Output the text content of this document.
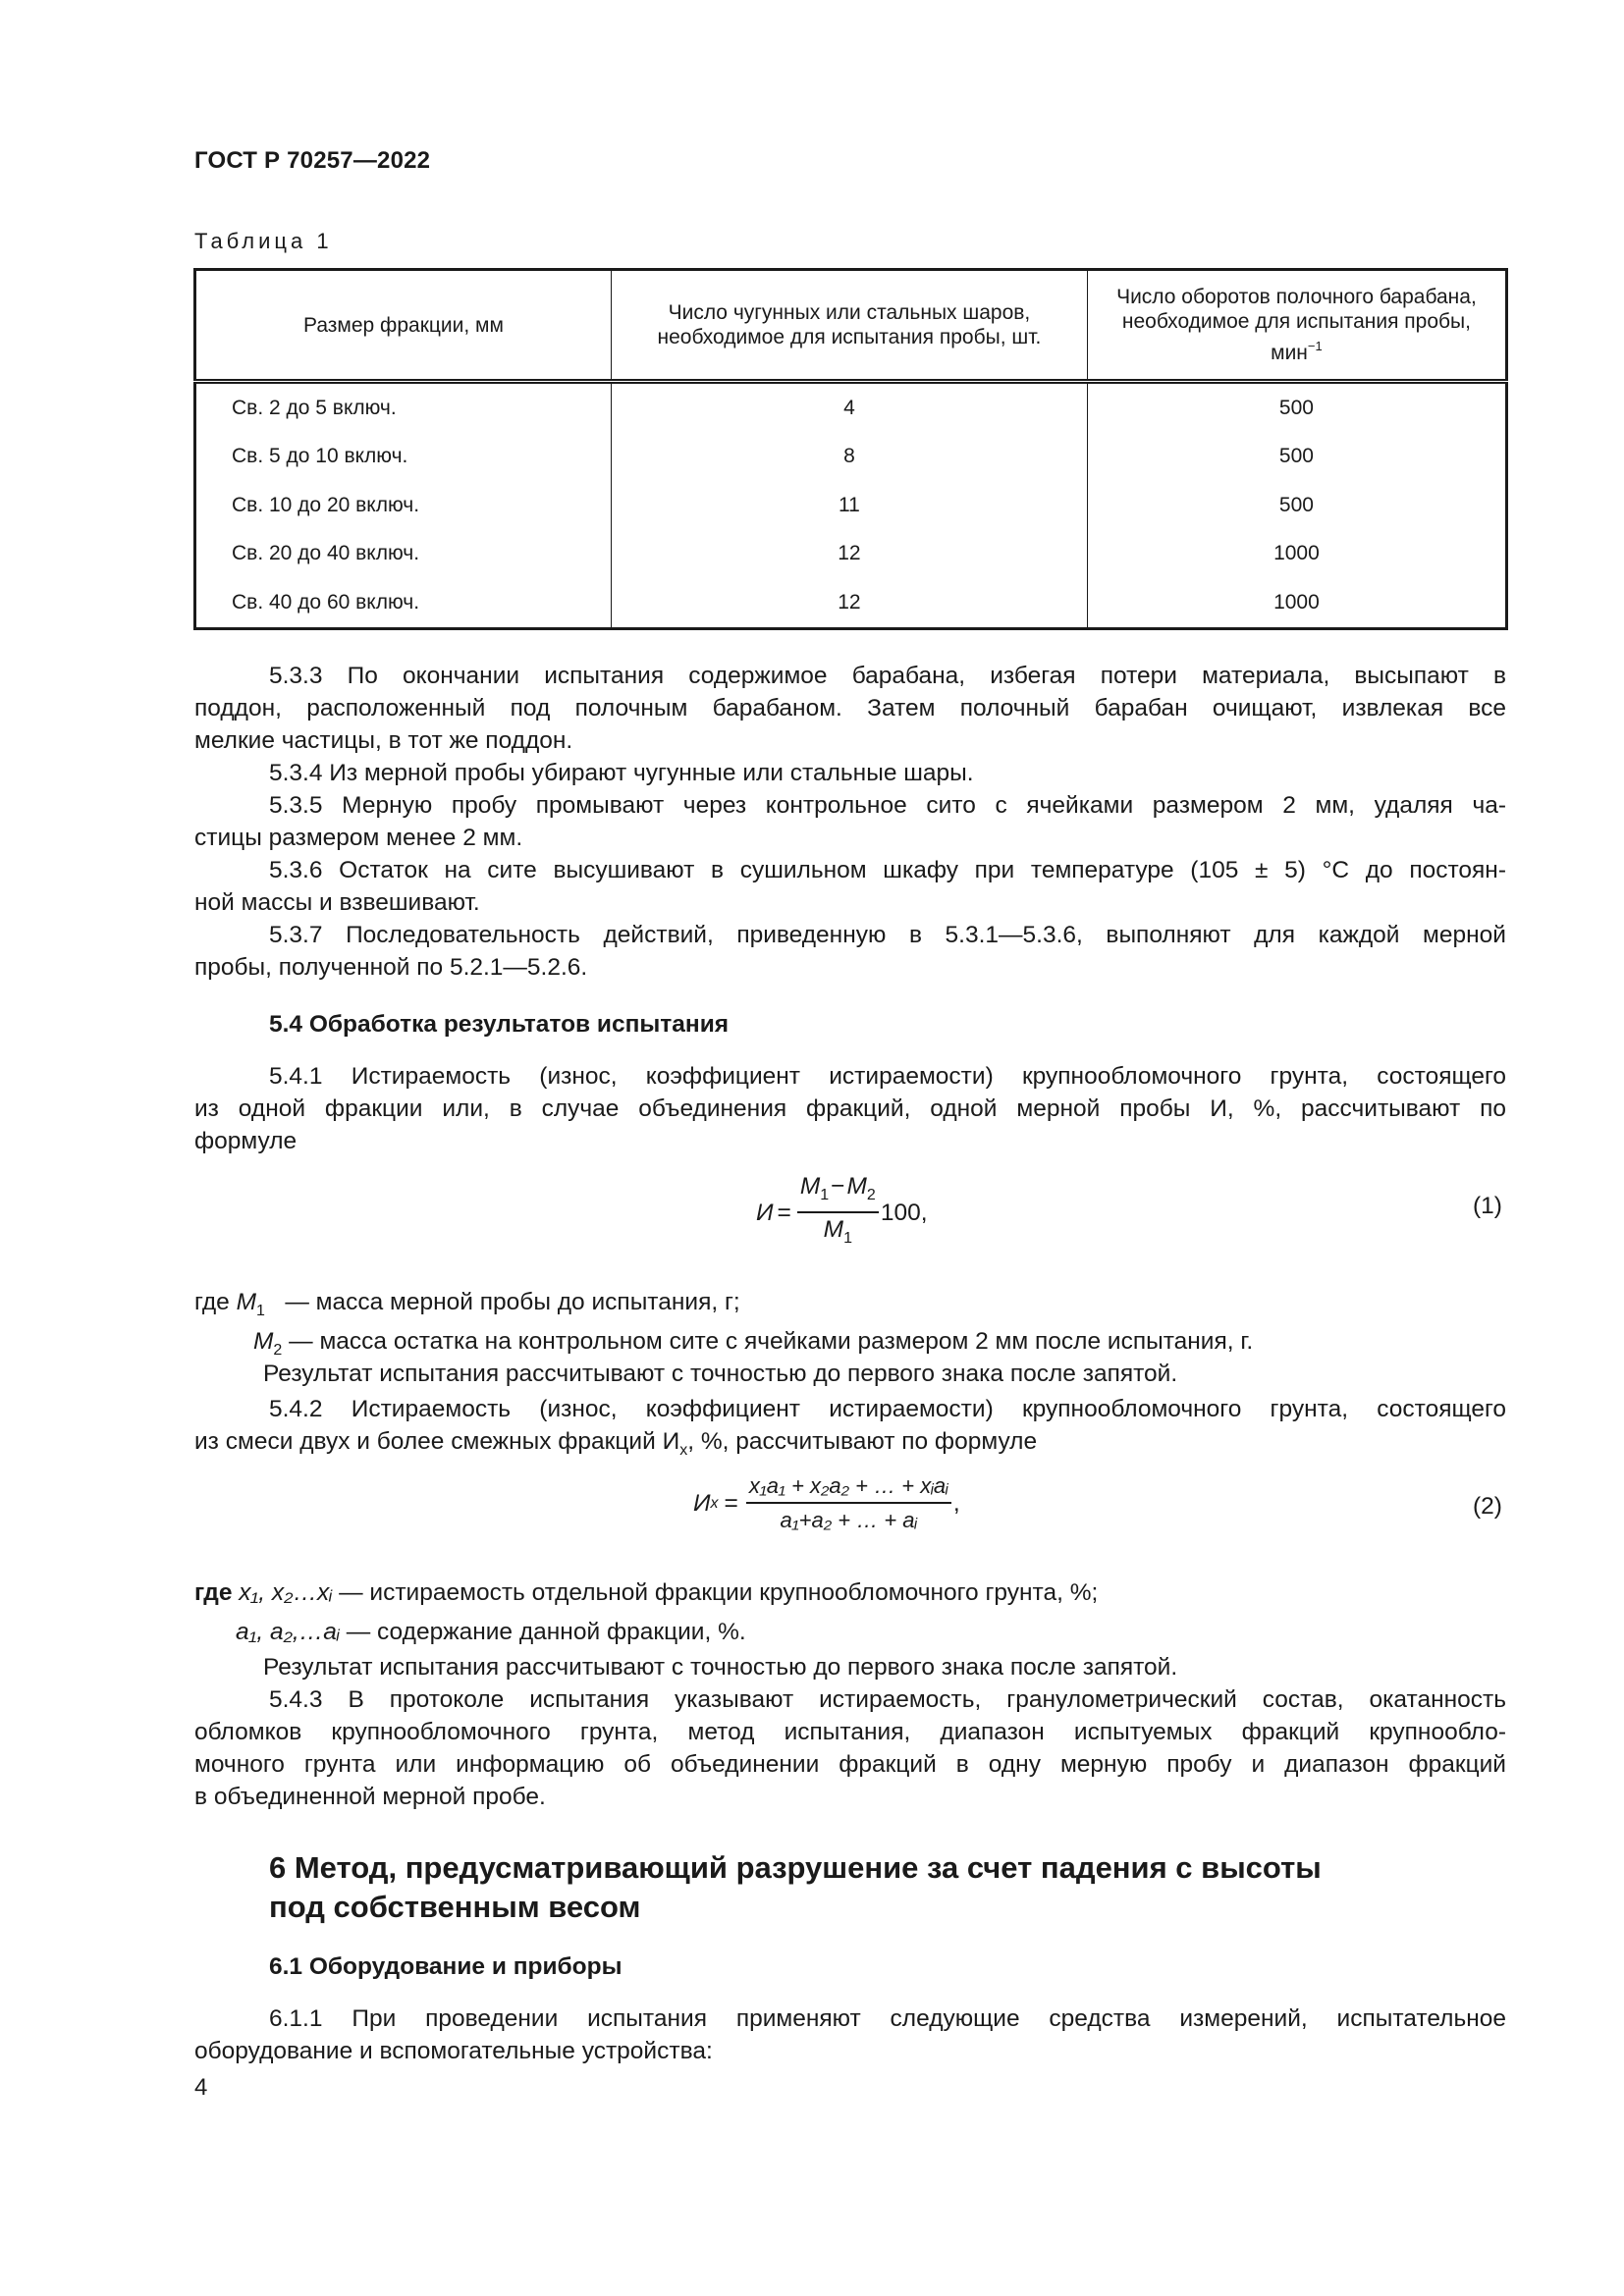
ГОСТ Р 70257—2022
Таблица 1
Размер фракции, мм	Число чугунных или стальных шаров, необходимое для испытания пробы, шт.	Число оборотов полочного барабана, необходимое для испытания пробы, мин$^{-1}$
Св. 2 до 5 включ.	4	500
Св. 5 до 10 включ.	8	500
Св. 10 до 20 включ.	11	500
Св. 20 до 40 включ.	12	1000
Св. 40 до 60 включ.	12	1000
5.3.3 По окончании испытания содержимое барабана, избегая потери материала, высыпают в
поддон, расположенный под полочным барабаном. Затем полочный барабан очищают, извлекая все
мелкие частицы, в тот же поддон.
5.3.4 Из мерной пробы убирают чугунные или стальные шары.
5.3.5 Мерную пробу промывают через контрольное сито с ячейками размером 2 мм, удаляя ча-
стицы размером менее 2 мм.
5.3.6 Остаток на сите высушивают в сушильном шкафу при температуре (105 ± 5) °С до постоян-
ной массы и взвешивают.
5.3.7 Последовательность действий, приведенную в 5.3.1—5.3.6, выполняют для каждой мерной
пробы, полученной по 5.2.1—5.2.6.
5.4 Обработка результатов испытания
5.4.1 Истираемость (износ, коэффициент истираемости) крупнообломочного грунта, состоящего
из одной фракции или, в случае объединения фракций, одной мерной пробы И, %, рассчитывают по
формуле
$И = \frac{M_1-M_2}{M_1} 100$,	(1)
где $M_1$   — масса мерной пробы до испытания, г;
$M_2$ — масса остатка на контрольном сите с ячейками размером 2 мм после испытания, г.
Результат испытания рассчитывают с точностью до первого знака после запятой.
5.4.2 Истираемость (износ, коэффициент истираемости) крупнообломочного грунта, состоящего
из смеси двух и более смежных фракций $И_x$, %, рассчитывают по формуле
И $x = \frac{\text{x₁a₁ + x₂a₂ + … + xᵢaᵢ}}{\text{a₁+a₂ + … + aᵢ}}$ ,	(2)
где x₁, x₂…xᵢ — истираемость отдельной фракции крупнообломочного грунта, %;
a₁, a₂,…aᵢ — содержание данной фракции, %.
Результат испытания рассчитывают с точностью до первого знака после запятой.
5.4.3 В протоколе испытания указывают истираемость, гранулометрический состав, окатанность
обломков крупнообломочного грунта, метод испытания, диапазон испытуемых фракций крупнообло-
мочного грунта или информацию об объединении фракций в одну мерную пробу и диапазон фракций
в объединенной мерной пробе.
6 Метод, предусматривающий разрушение за счет падения с высоты
под собственным весом
6.1 Оборудование и приборы
6.1.1 При проведении испытания применяют следующие средства измерений, испытательное
оборудование и вспомогательные устройства:
4
